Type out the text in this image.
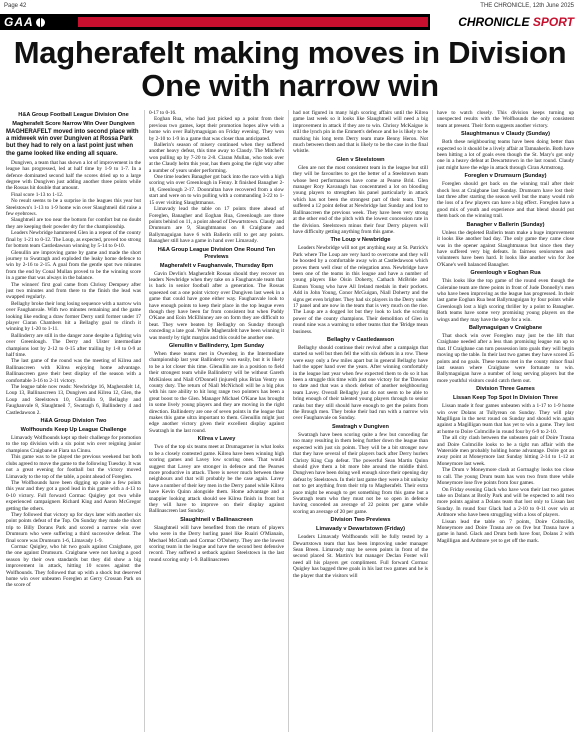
Page 42	THE CHRONICLE, 12th June 2025
GAA	CHRONICLE SPORT
Magherafelt making moves in Division One with narrow win

H&A Group Football League Division One

Magherafelt Score Narrow Win Over Dungiven

MAGHERAFELT moved into second place with a midweek win over Dungiven at Rossa Park but they had to rely on a last point just when the game looked like ending all square.

Dungiven, a team that has shown a lot of improvement in the league has progressed, led at half time by 1-9 to 1-7. In a defence dominated second half the scores dried up to a large degree with Dungiven just adding another three points while the Rossas hit double that amount.

Final score 1-13 to 1-12.

No result seems to be a surprise in the leagues this year but Steelstown's 1-13 to 1-9 home win over Slaughtneil did raise a few eyebrows.

Slaughtneil are too near the bottom for comfort but no doubt they are keeping their powder dry for the championship.

Leaders Newbridge hammered Glen in a repeat of the county final by 1-21 to 0-12. The Loup, as expected, proved too strong for bottom team Castledawson winning by 5-14 to 0-10.

Glenullin are improving game by game and made the short journey to Swatragh and exploded the leaky home defence to win by 2-16 to 2-15. A goal from the gentle spot two minutes from the end by Conal Mullan proved to be the winning score in a game that was always in the balance.

The winners' first goal came from Chrissy Dempsey after just two minutes and from there to the finish the lead was swapped regularly.

Bellaghy broke their long losing sequence with a narrow win over Faughanvale. With two minutes remaining and the game looking like ending a draw former Derry until former under 17 player Ciaran Chambers hit a Bellaghy goal to clinch it winning by 1-20 to 1-11.

Ballinderry are still in the danger zone despite a fighting win over Greenlough. The Derry and Ulster intermediate champions lost by 2-12 to 0-15 after trailing by 1-8 to 0-9 at half time.

The last game of the round was the meeting of Kilrea and Ballinascreen with Kilrea enjoying home advantage. Ballinascreen gave their best display of the season with a comfortable 3-16 to 2-11 victory.

The league table now reads: Newbridge 16, Magherafelt 14, Loup 13, Ballinascreen 13, Dungiven and Kilrea 12, Glen, the Loup and Steelstown 10, Glenullin 9, Bellaghy and Faughanvale 8, Slaughtneil 7, Swatragh 6, Ballinderry 4 and Castledawson 2.

H&A Group Division Two

Wolfhounds Keep Up League Challenge

Limavady Wolfhounds kept up their challenge for promotion to the top division with a six point win over reigning junior champions Craigbane at Fiara na Cinnu.

This game was to be played the previous weekend but both clubs agreed to move the game to the following Tuesday. It was not a great evening for football but the victory moved Limavady to the top of the table, a point ahead of Foreglen.

The Wolfhounds have been digging up quite a few points this year and they got a good lead in this game with a 4-13 to 0-10 victory. Full forward Cormac Quigley got two while experienced campaigners Richard King and Aaron McGregor getting the others.

They followed that victory up for days later with another six point points defeat of the Top. On Sunday they made the short trip to Billy Dorans Park and scored a narrow win over Drumsurn who were suffering a third successive defeat. The final score was Drumsurn 1-6, Limavady 1-9.

Cormac Quigley, who hit two goals against Craigbane, got the one against Drumsurn. Craigbane were not having a good season by their own standards but they did show a big improvement in attack, hitting 10 scores against the Wolfhounds. They followed that up with a shock but deserved home win over unbeaten Foreglen at Gerry Crossan Park on the score of

0-17 to 0-16.

Eoghan Rua, who had just picked up a point from their previous two games, kept their promotion hopes alive with a home win over Ballymaguigan on Friday evening. They won by 2-10 to 1-9 in a game that was closer than anticipated.

Ballerin's season of misery continued when they suffered another heavy defeat, this time away to Claudy. The Mitchel's won pulling up by 7-20 to 2-8. Ciaran Mullan, who took over at the Claudy helm this year, has them going the right way after a number of years under performing.

One time leaders Banagher got back into the race with a high scoring win over Greenlough in Fenny. It finished Banagher 2-18, Greenlough 2-17. Doonraltan have recovered from a slow start and were on to win pulling with a commanding 3-22 to 1-15 over visiting Slaughtmanus.

Limavady lead the table on 17 points three ahead of Foreglen, Banagher and Eoghan Rua, Greenlough are three points behind on 11, a point ahead of Dewartstown. Claudy and Drumsurn are 9, Slaughtmanus on 8 Craigbane and Ballymaguigan have 6 with Ballerin still to get any points. Banagher still have a game in hand over Limavady.

H&A Group League Division One Round Ten Previews

Magherafelt v Faughanvale, Thursday 8pm

Gavin Devlin's Magherafelt Rossas should they recover on leaders Newbridge when they take on a Faughanvale team that is back in senior football after a generation. The Rossas squeezed out a one point victory over Dungiven last week in a game that could have gone either way. Faughanvale look to have enough points to keep their place in the top league even though they have been far from consistent but when Paddy O'Kane and Eoin McElhinney are on form they are difficult to beat. They were beaten by Bellaghy on Sunday through conceding a late goal. While Magherafelt have been winning it was mostly by tight margins and this could be another one.

Glenullin v Ballinderry, 1pm Sunday

When these teams met in Owenbeg in the Intermediate championship last year Ballinderry won easily, but it is likely to be a lot closer this time. Glenullin are in a position to field their strongest team while Ballinderry will be without Gareth McKinless and Niall O'Donnell (injured) plus Brian Ventry on county duty. The return of Niall McNicholl will be a big plus with his rare ability to hit long range two pointers has been a great boost to the Glen. Manager Michael O'Kane has brought in some lively young players and they are moving in the right direction. Ballinderry are one of seven points in the league that makes this game ultra important to them. Glenullin might just edge another victory given their excellent display against Swatragh in the last round.

Kilrea v Lavey

Two of the top six teams meet at Drumagarner in what looks to be a closely contested game. Kilrea have been winning high scoring games and Lavey low scoring ones. That would suggest that Lavey are stronger in defence and the Pearses more productive in attack. There is never much between these neighbours and that will probably be the case again. Lavey have a number of their key men in the Derry panel while Kilrea have Kevin Quinn alongside them. Home advantage and a snappier looking attack should see Kilrea finish in front but they will have to improve on their display against Ballinascreen last Sunday.

Slaughtneil v Ballinascreen

Slaughtneil will have benefited from the return of players who were in the Derry hurling panel like Ruairi O'Mianain, Mechael McGrath and Cormac O'Doherty. They are the lowest scoring team in the league and have the second best defensive record. They suffered a setback against Steelstown in the last round scoring only 1-9. Ballinascreen

had not figured in many high scoring affairs until the Kilrea game last week so it looks like Slaughtneil will need a big improvement in attack if they are to win. Chrissy McKaigue is still the lynch pin in the Emmett's defence and he is likely to be marking his long term Derry team mate Benny Heron. Not much between them and that is likely to be the case in the final whistle.

Glen v Steelstown

Glen are not the most consistent team in the league but still they will be favourites to get the better of a Steelstown team whose best performances have come at Pearse Brid. Glen manager Rory Kavanagh has concentrated a lot on blooding young players to strengthen his panel particularly in attack which has not been the strongest part of their team. They suffered a 12 point defeat at Newbridge last Sunday and lost to Ballinascreen the previous week. They have been very strong at the other end of the pitch with the lowest concession rate in the division. Steelstown minus their four Derry players will have difficulty getting anything from this game.

The Loup v Newbridge

Leaders Newbridge will not get anything easy at St. Patrick's Park where The Loup are very hard to overcome and they will be boosted by a comfortable away win at Castledawson which proves them well clear of the relegation area. Newbridge have been one of the teams in this league and have a number of young players like Oisin Doherty, Cathach McBride and Eamon Young who have All Ireland medals in their pockets. Add in John Young, Conor McGuigan, Niall Doherty and the signs get even brighter. They had six players in the Derry under 17 panel and are now in the team that is very much on the rise. The Loup are a dogged lot but they look to lack the scoring power of the county champions. Their demolition of Glen in round nine was a warning to other teams that the 'Bridge mean business.

Bellaghy v Castledawson

Bellaghy should continue their revival after a campaign that started so well but then fell the with six defeats in a row. These were easy only a few miles apart but in general Bellaghy have had the upper hand over the years. After winning comfortably in the league last year when few expected them to do so it has been a struggle this time with just one victory for the 'Dawson to date and that was a shock defeat of another neighbouring team Lavey. Overall Bellaghy just do not seem to be able to bring enough of their talented young players through to senior ranks but they still should have enough to get the points from the Brough men. They broke their bad run with a narrow win over Faughanvale on Sunday.

Swatragh v Dungiven

Swatragh have been scoring quite a few but conceding far too many resulting in them being further down the league than expected with just six points. They will be a bit stronger now that they have several of their players back after Derry hurlers Christy King Cup defeat. The powerful Sean Martin Quinn should give them a bit more bite around the middle third. Dungiven have been doing well enough since their opening day defeat by Steelstown. In their last game they were a bit unlucky not to get anything from their trip to Magherafelt. Their extra pace might be enough to get something from this game but a Swatragh team who they must not be so open in defence having conceded an average of 22 points per game while scoring an average of 20 per game.

Division Two Previews

Limavady v Dewartstown (Friday)

Leaders Limavady Wolfhounds will be fully tested by a Dewartstown team that has been improving under manager Sean Breen. Limavady may be seven points in front of the second placed St. Martin's but manager Declan Foster will need all his players get compliment. Full forward Cormac Quigley has bagged three goals in his last two games and he is the player that the visitors will

have to watch closely. This division keeps turning up unexpected results with the Wolfhounds the only consistent team at present. Their form suggests another victory.

Slaughtmanus v Claudy (Sunday)

Both these neighbouring teams have been doing better than expected so it should be a lively affair at Tamnaherin. Both have been hitting a lot of goals even though the St. Mary's got only one in a heavy defeat at Dewartstown in the last round. Claudy just might have the edge in attack through Ciran Armstrong.

Foreglen v Drumsurn (Sunday)

Foreglen should get back on the winning trail after their shock loss at Craigbane last Sunday. Drumsurn have lost their last three after starting the season well but the many would rob the loss of a few players can have a big effect. Foreglen have a good mix of youth and experience and that blend should put them back on the winning trail.

Banagher v Ballerin (Sunday)

Unless the depleted Ballerin team make a huge improvement it looks like another bad day. The only game they came close was in the opener against Slaughtmanus but since then they have suffered very big defeats. In fairness seniorsmen and volunteers have been hard. It looks like another win for Joe O'Kane's well balanced Banagher.

Greenlough v Eoghan Rua

This looks like the top game of the round even though the Coleraine team are three points in front of Jude Donnelly's men who have been improving as the league has progressed. In their last game Eoghan Rua beat Ballymaguigan by four points while Greenlough lost a high scoring thriller by a point to Banagher. Both teams have some very promising young players on the wings and they may have the edge for a win.

Ballymaguigan v Craigbane

That shock win over Foreglen may just be the lift that Craigbane needed after a less than promising league run up to that. If Craigbane can turn possession into goals they will begin moving up the table. In their last two games they have scored 35 points and no goals. These teams met in the county minor final last season where Craigbane were fortunate to win. Ballymaguigan have a number of long serving players but the more youthful visitors could catch them out.

Division Three Games

Lissan Keep Top Spot In Division Three

Lissan made it four games unbeaten with a 1-17 to 1-9 home win over Dolans at Tullyrean on Sunday. They will play Magilligan in the next round on Sunday and should win again against a Magilligan team that has yet to win a game. They lost at home to Doire Colmcille in round four by 6-9 to 2-10.

The all city clash between the unbeaten pair of Doire Trasna and Doire Colmcille looks to be a tight run affair with the Waterside men probably holding home advantage. Doire got an away point at Moneymore last Sunday hitting 2-14 to 1-12 at Moneymore last week.

The Drum v Moneymore clash at Gortnaghy looks too close to call. The young Drum team has won two from three while Moneymore lose five points from four games.

On Friday evening Glack who have won their last two games take on Dolans at Brolly Park and will be expected to add two more points against a Dolans team that lost only to Lissan last Sunday. In round four Glack had a 2-10 to 0-11 over win at Ardmore who have been struggling with a loss of players.

Lissan lead the table on 7 points, Doire Colmcille, Moneymore and Doire Trasna are on five but Trasna have a game in hand. Glack and Drum both have four, Dolans 2 with Magilligan and Ardmore yet to get off the mark.
